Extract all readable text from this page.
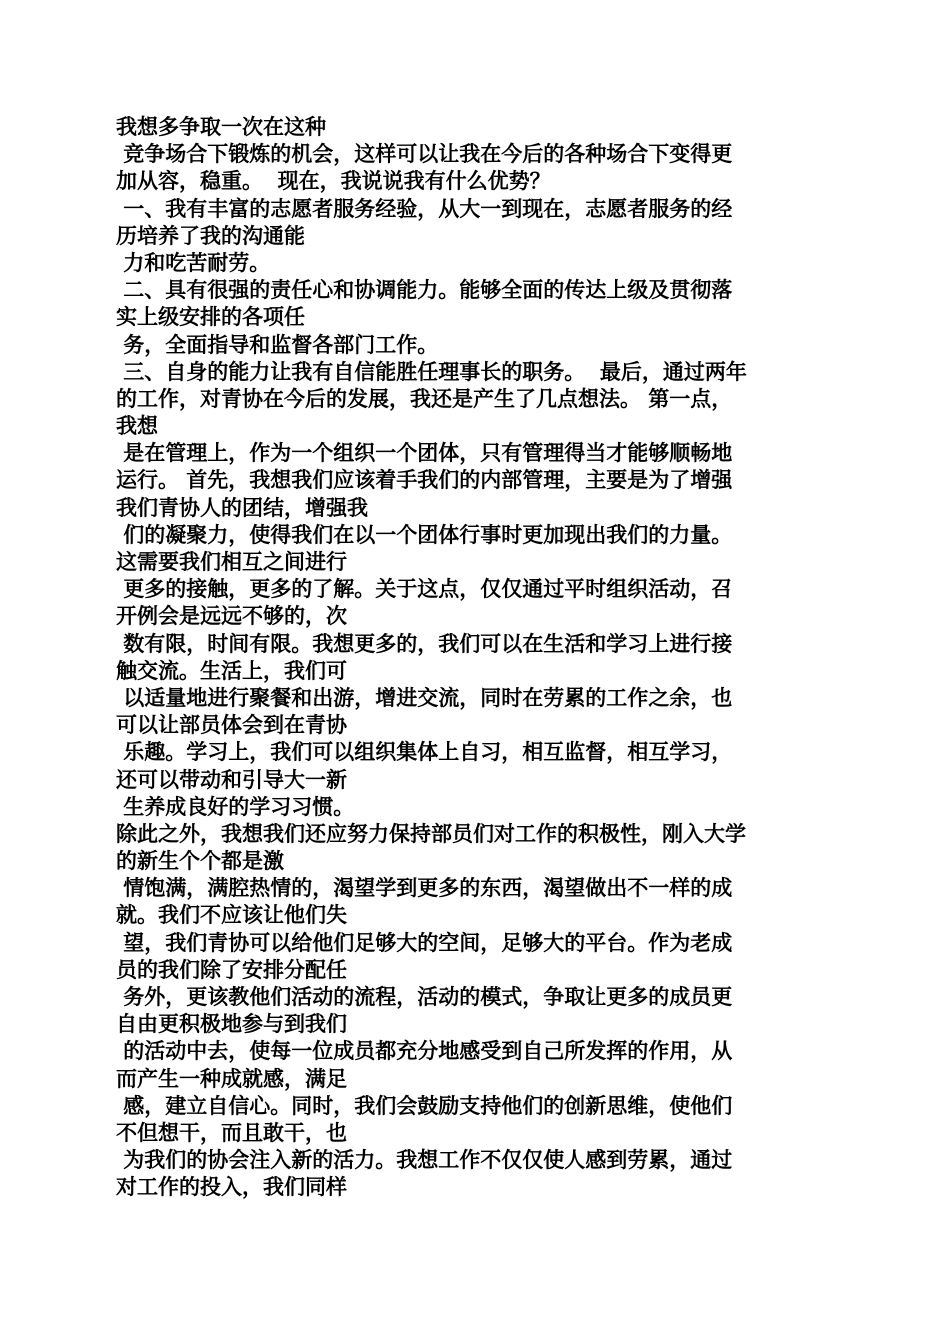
我想多争取一次在这种

竞争场合下锻炼的机会，这样可以让我在今后的各种场合下变得更

加从容，稳重。  现在，我说说我有什么优势？

一、我有丰富的志愿者服务经验，从大一到现在，志愿者服务的经

历培养了我的沟通能

力和吃苦耐劳。

二、具有很强的责任心和协调能力。能够全面的传达上级及贯彻落

实上级安排的各项任

务，全面指导和监督各部门工作。

三、自身的能力让我有自信能胜任理事长的职务。  最后，通过两年

的工作，对青协在今后的发展，我还是产生了几点想法。 第一点，

我想

是在管理上，作为一个组织一个团体，只有管理得当才能够顺畅地

运行。 首先，我想我们应该着手我们的内部管理，主要是为了增强

我们青协人的团结，增强我

们的凝聚力，使得我们在以一个团体行事时更加现出我们的力量。

这需要我们相互之间进行

更多的接触，更多的了解。关于这点，仅仅通过平时组织活动，召

开例会是远远不够的，次

数有限，时间有限。我想更多的，我们可以在生活和学习上进行接

触交流。生活上，我们可

以适量地进行聚餐和出游，增进交流，同时在劳累的工作之余，也

可以让部员体会到在青协

乐趣。学习上，我们可以组织集体上自习，相互监督，相互学习，

还可以带动和引导大一新

生养成良好的学习习惯。

除此之外，我想我们还应努力保持部员们对工作的积极性，刚入大学

的新生个个都是激

情饱满，满腔热情的，渴望学到更多的东西，渴望做出不一样的成

就。我们不应该让他们失

望，我们青协可以给他们足够大的空间，足够大的平台。作为老成

员的我们除了安排分配任

务外，更该教他们活动的流程，活动的模式，争取让更多的成员更

自由更积极地参与到我们

的活动中去，使每一位成员都充分地感受到自己所发挥的作用，从

而产生一种成就感，满足

感，建立自信心。同时，我们会鼓励支持他们的创新思维，使他们

不但想干，而且敢干，也

为我们的协会注入新的活力。我想工作不仅仅使人感到劳累，通过

对工作的投入，我们同样
